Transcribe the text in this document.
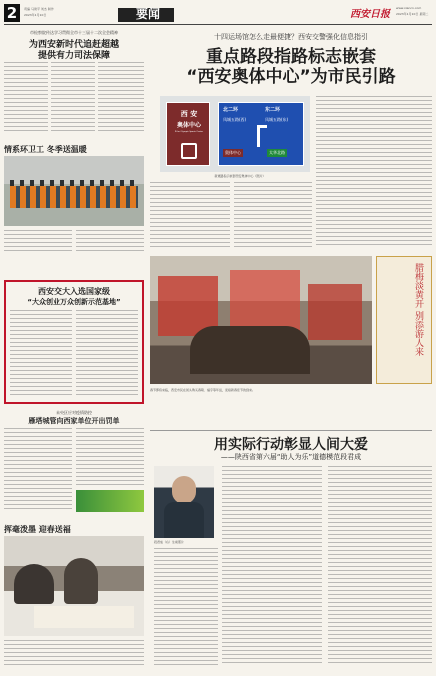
2	责编 马建平 刘杰 制作
2023年1月10日	要闻	西安日报
www.xiancn.com
2023年1月10日 星期二
市检察院传达学习贯彻全市十三届十二次全会精神
为西安新时代追赶超越
提供有力司法保障
情系环卫工 冬季送温暖
西安交大入选国家级
“大众创业万众创新示范基地”
未央区应对疫情防控
雁塔城管向西家单位开出罚单
挥毫泼墨 迎春送福
十四运场馆怎么走最便捷？西安交警强化信息指引
重点路段指路标志嵌套
“西安奥体中心”为市民引路
西 安
奥体中心
Xi'an Olympic Sports Center
北二环	东二环
凤城五路(西)	凤城五路(东)
奥体中心	太华北路
新道路指示嵌套西安奥体中心（图片）
腊梅淡黄开 别添游人来
春节即将来临，西安市民在街头购买春联、福字等年货，迎接新春佳节的到来。
用实际行动彰显人间大爱
——陕西省第六届“助人为乐”道德模范段君成
段君成（右）生前照片
